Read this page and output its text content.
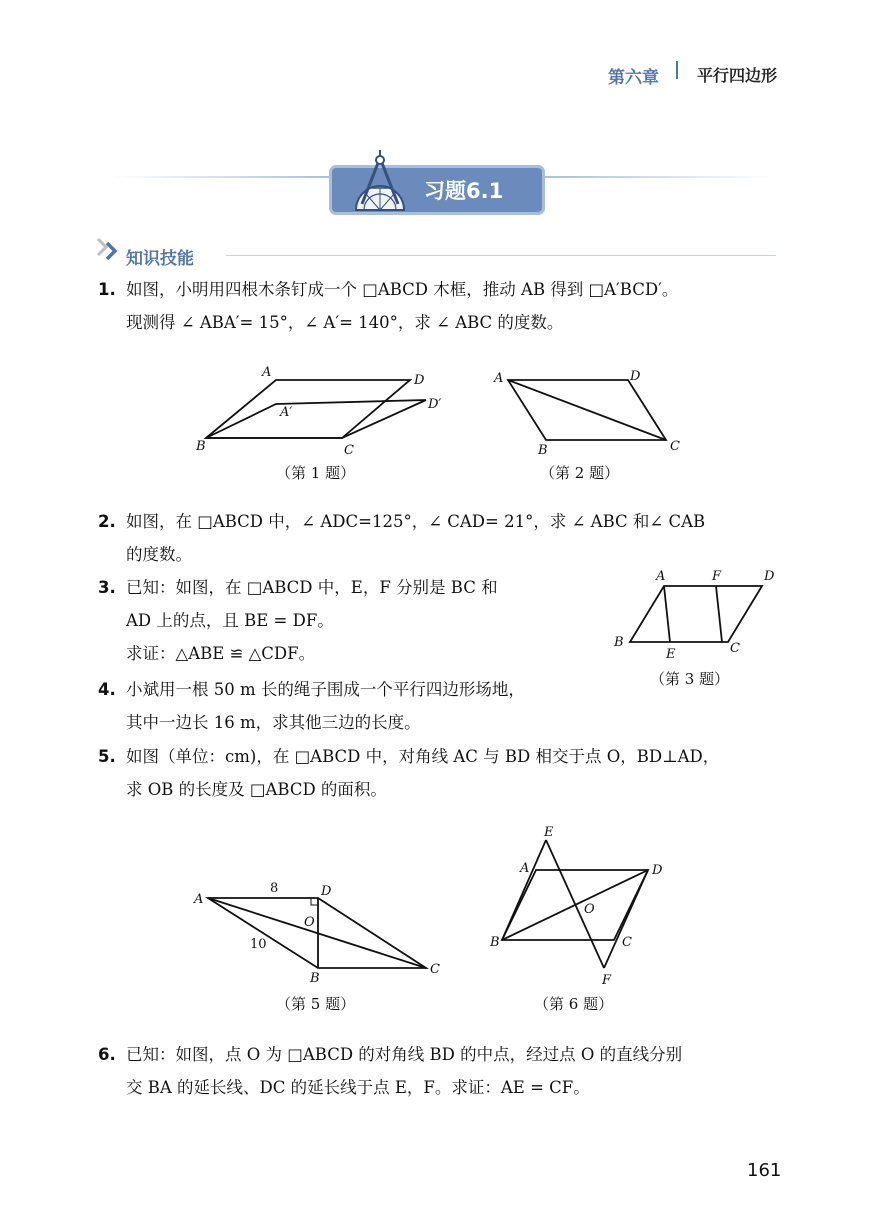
第六章 平行四边形
习题6.1
知识技能
1. 如图，小明用四根木条钉成一个 □ABCD 木框，推动 AB 得到 □A′BCD′。
现测得 ∠ ABA′= 15°，∠ A′= 140°，求 ∠ ABC 的度数。
A
D
A′
D′
B	C
（第 1 题）
A	D
B	C
（第 2 题）
2. 如图，在 □ABCD 中，∠ ADC=125°，∠ CAD= 21°，求 ∠ ABC 和∠ CAB
的度数。
3. 已知：如图，在 □ABCD 中，E，F 分别是 BC 和
AD 上的点，且 BE = DF。
求证：△ABE ≌ △CDF。
A	F	D
B
E	C
（第 3 题）
4. 小斌用一根 50 m 长的绳子围成一个平行四边形场地，
其中一边长 16 m，求其他三边的长度。
5. 如图（单位：cm)，在 □ABCD 中，对角线 AC 与 BD 相交于点 O，BD⊥AD，
求 OB 的长度及 □ABCD 的面积。
A
D
O
B
C
8
10
（第 5 题）
E
A	D
O
B	C
F
（第 6 题）
6. 已知：如图，点 O 为 □ABCD 的对角线 BD 的中点，经过点 O 的直线分别
交 BA 的延长线、DC 的延长线于点 E，F。求证：AE = CF。
161
